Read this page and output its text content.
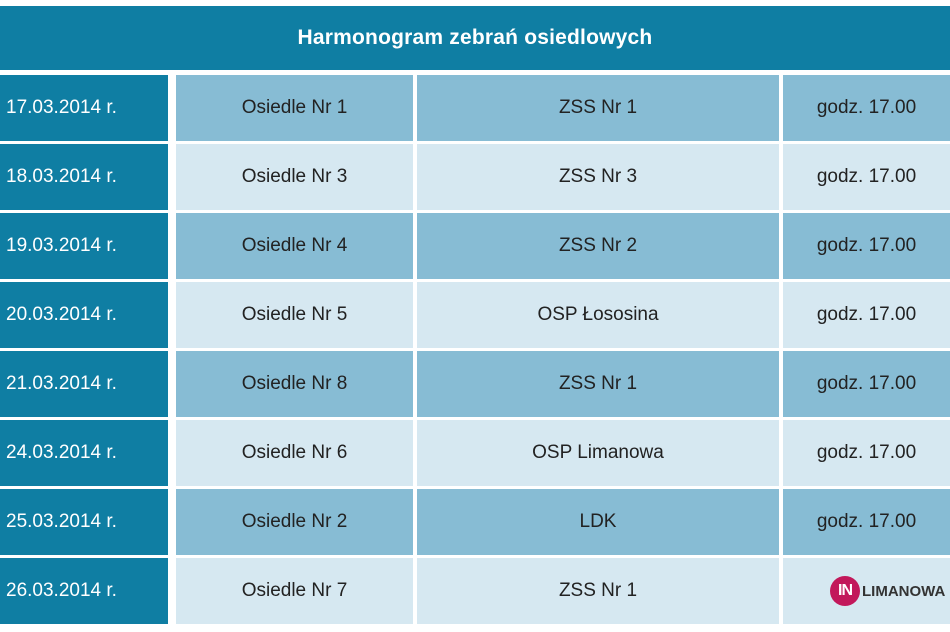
Harmonogram zebrań osiedlowych
17.03.2014 r.	Osiedle Nr 1	ZSS Nr 1	godz. 17.00
18.03.2014 r.	Osiedle Nr 3	ZSS Nr 3	godz. 17.00
19.03.2014 r.	Osiedle Nr 4	ZSS Nr 2	godz. 17.00
20.03.2014 r.	Osiedle Nr 5	OSP Łososina	godz. 17.00
21.03.2014 r.	Osiedle Nr 8	ZSS Nr 1	godz. 17.00
24.03.2014 r.	Osiedle Nr 6	OSP Limanowa	godz. 17.00
25.03.2014 r.	Osiedle Nr 2	LDK	godz. 17.00
26.03.2014 r.	Osiedle Nr 7	ZSS Nr 1	IN LIMANOWA
